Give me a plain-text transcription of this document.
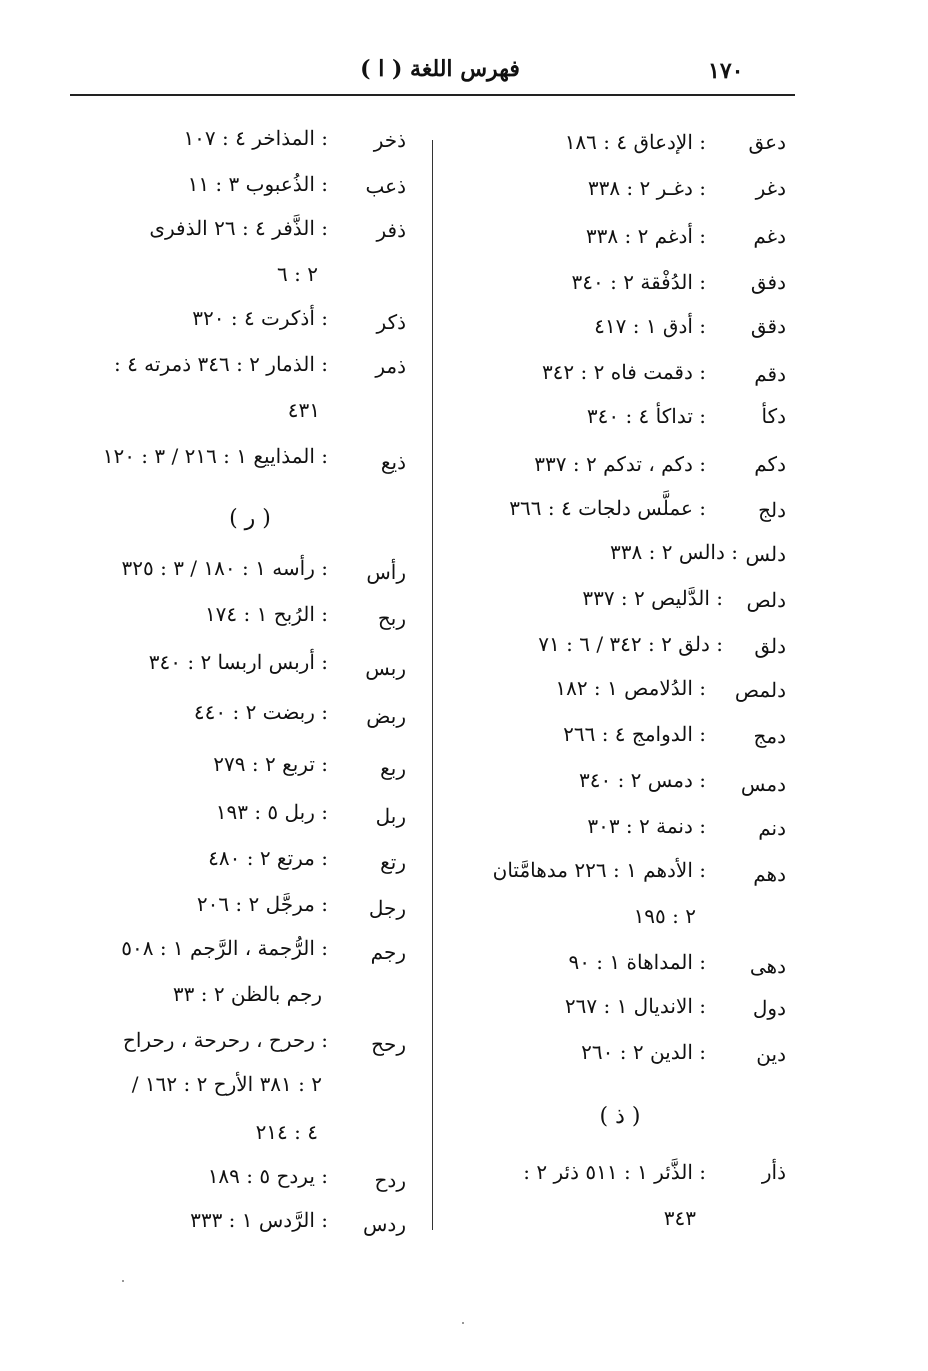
١٧٠
فهرس اللغة ( ا )
دعق
: الإدعاق ٤ : ١٨٦
دغر
: دغـر ٢ : ٣٣٨
دغم
: أدغم ٢ : ٣٣٨
دفق
: الدُفْقة ٢ : ٣٤٠
دقق
: أدق ١ : ٤١٧
دقم
: دقمت فاه ٢ : ٣٤٢
دكأ
: تداكأ ٤ : ٣٤٠
دكم
: دكم ، تدكم ٢ : ٣٣٧
دلج
: عملَّس دلجات ٤ : ٣٦٦
دلس
: دالس ٢ : ٣٣٨
دلص
: الدَّليص ٢ : ٣٣٧
دلق
: دلق ٢ : ٣٤٢ / ٦ : ٧١
دلمص
: الدُلامص ١ : ١٨٢
دمج
: الدوامج ٤ : ٢٦٦
دمس
: دمس ٢ : ٣٤٠
دنم
: دنمة ٢ : ٣٠٣
دهم
: الأدهم ١ : ٢٢٦ مدهامَّتان
٢ : ١٩٥
دهى
: المداهاة ١ : ٩٠
دول
: الانديال ١ : ٢٦٧
دين
: الدين ٢ : ٢٦٠
( ذ )
ذأر
: الذَّئر ١ : ٥١١ ذئر ٢ :
٣٤٣
ذخر
: المذاخر ٤ : ١٠٧
ذعب
: الذُعبوب ٣ : ١١
ذفر
: الذَّفر ٤ : ٢٦ الذفرى
٢ : ٦
ذكر
: أذكرت ٤ : ٣٢٠
ذمر
: الذمار ٢ : ٣٤٦ ذمرته ٤ :
٤٣١
ذيع
: المذاييع ١ : ٢١٦ / ٣ : ١٢٠
( ر )
رأس
: رأسه ١ : ١٨٠ / ٣ : ٣٢٥
ربح
: الرُبح ١ : ١٧٤
ربس
: أربس اربسا ٢ : ٣٤٠
ربض
: ربضت ٢ : ٤٤٠
ربع
: تربع ٢ : ٢٧٩
ربل
: ربل ٥ : ١٩٣
رتع
: مرتع ٢ : ٤٨٠
رجل
: مرجَّل ٢ : ٢٠٦
رجم
: الرُّجمة ، الرَّجم ١ : ٥٠٨
رجم بالظن ٢ : ٣٣
رحح
: رحرح ، رحرحة ، رحراح
٢ : ٣٨١ الأرح ٢ : ١٦٢ /
٤ : ٢١٤
ردح
: يردح ٥ : ١٨٩
ردس
: الرَّدس ١ : ٣٣٣
